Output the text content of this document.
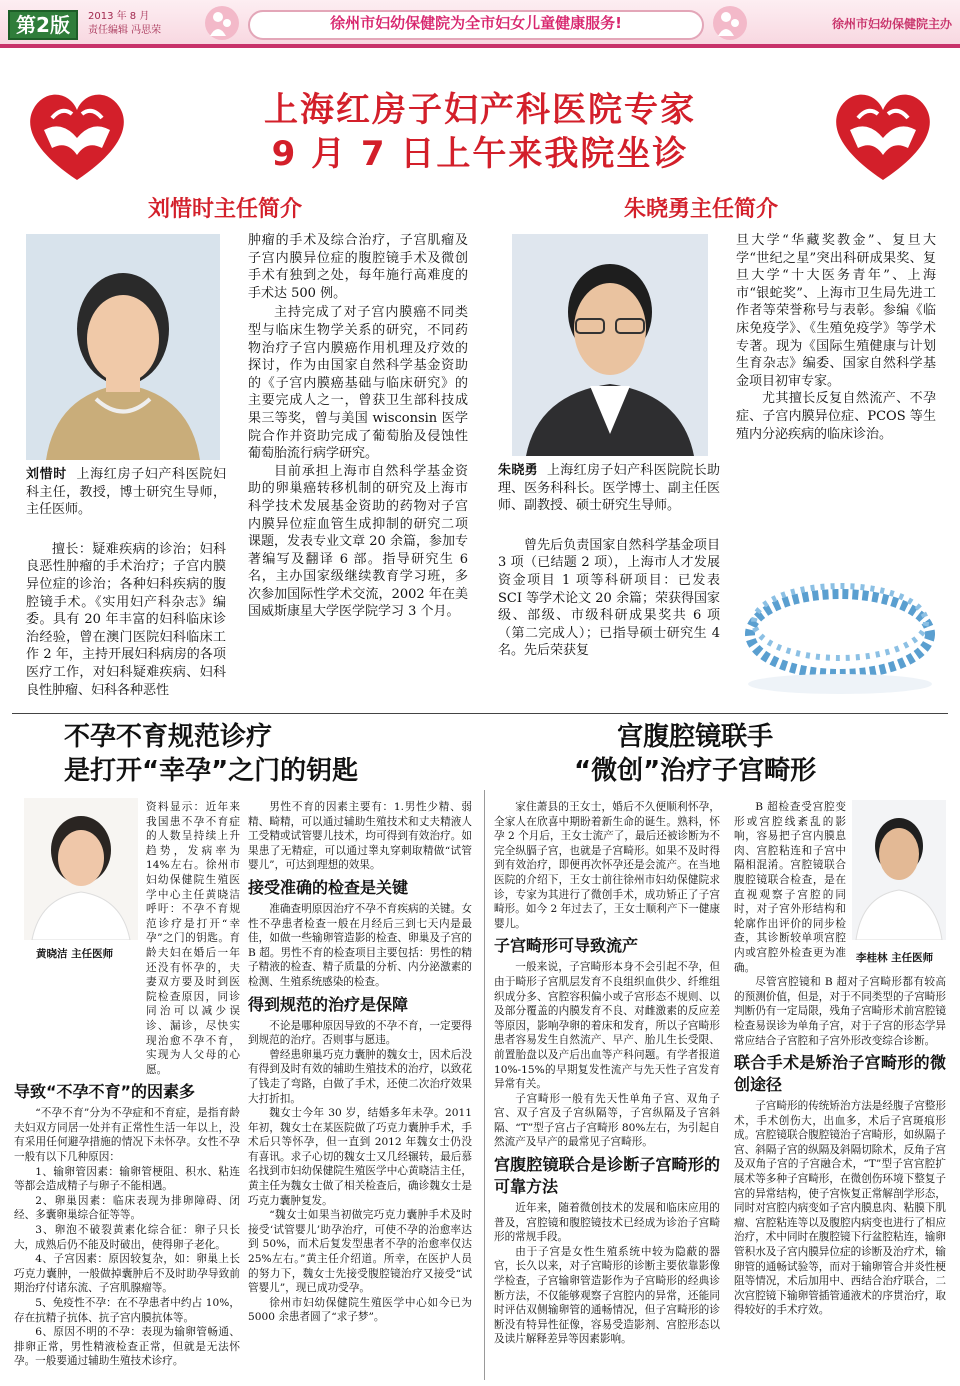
第2版	2013 年 8 月
责任编辑 冯思荣	徐州市妇幼保健院为全市妇女儿童健康服务!	徐州市妇幼保健院主办
上海红房子妇产科医院专家
9 月 7 日上午来我院坐诊
刘惜时主任简介

刘惜时 上海红房子妇产科医院妇科主任，教授，博士研究生导师，主任医师。

擅长：疑难疾病的诊治；妇科良恶性肿瘤的手术治疗；子宫内膜异位症的诊治；各种妇科疾病的腹腔镜手术。《实用妇产科杂志》编委。具有 20 年丰富的妇科临床诊治经验，曾在澳门医院妇科临床工作 2 年，主持开展妇科病房的各项医疗工作，对妇科疑难疾病、妇科良性肿瘤、妇科各种恶性

肿瘤的手术及综合治疗，子宫肌瘤及子宫内膜异位症的腹腔镜手术及微创手术有独到之处，每年施行高难度的手术达 500 例。

主持完成了对子宫内膜癌不同类型与临床生物学关系的研究，不同药物治疗子宫内膜癌作用机理及疗效的探讨，作为由国家自然科学基金资助的《子宫内膜癌基础与临床研究》的主要完成人之一，曾获卫生部科技成果三等奖，曾与美国 wisconsin 医学院合作并资助完成了葡萄胎及侵蚀性葡萄胎流行病学研究。

目前承担上海市自然科学基金资助的卵巢癌转移机制的研究及上海市科学技术发展基金资助的药物对子宫内膜异位症血管生成抑制的研究二项课题，发表专业文章 20 余篇，参加专著编写及翻译 6 部。指导研究生 6 名，主办国家级继续教育学习班，多次参加国际性学术交流，2002 年在美国威斯康星大学医学院学习 3 个月。

朱晓勇主任简介

朱晓勇 上海红房子妇产科医院院长助理、医务科科长。医学博士、副主任医师、副教授、硕士研究生导师。

曾先后负责国家自然科学基金项目 3 项（已结题 2 项），上海市人才发展资金项目 1 项等科研项目：已发表 SCI 等学术论文 20 余篇；荣获得国家级、部级、市级科研成果奖共 6 项（第二完成人）；已指导硕士研究生 4 名。先后荣获复

旦大学“华藏奖教金”、复旦大学“世纪之星”突出科研成果奖、复旦大学“十大医务青年”、上海市“银蛇奖”、上海市卫生局先进工作者等荣誉称号与表彰。参编《临床免疫学》、《生殖免疫学》等学术专著。现为《国际生殖健康与计划生育杂志》编委、国家自然科学基金项目初审专家。

尤其擅长反复自然流产、不孕症、子宫内膜异位症、PCOS 等生殖内分泌疾病的临床诊治。

不孕不育规范诊疗
是打开“幸孕”之门的钥匙
黄晓洁 主任医师

资料显示：近年来我国患不孕不育症的人数呈持续上升趋势，发病率为 14%左右。徐州市妇幼保健院生殖医学中心主任黄晓洁呼吁：不孕不育规范诊疗是打开“幸孕”之门的钥匙。育龄夫妇在婚后一年还没有怀孕的，夫妻双方要及时到医院检查原因，同诊同治可以减少误诊、漏诊，尽快实现治愈不孕不育，实现为人父母的心愿。

导致“不孕不育”的因素多

“不孕不育”分为不孕症和不育症，是指育龄夫妇双方同居一处并有正常性生活一年以上，没有采用任何避孕措施的情况下未怀孕。女性不孕一般有以下几种原因：

1、输卵管因素：输卵管梗阻、积水、粘连等都会造成精子与卵子不能相遇。

2、卵巢因素：临床表现为排卵障碍、闭经、多囊卵巢综合征等等。

3、卵泡不破裂黄素化综合征：卵子只长大，成熟后仍不能及时破出，使得卵子老化。

4、子宫因素：原因较复杂，如：卵巢上长巧克力囊肿，一般做掉囊肿后不及时助孕导致前期治疗付诸东流、子宫肌腺瘤等。

5、免疫性不孕：在不孕患者中约占 10%，存在抗精子抗体、抗子宫内膜抗体等。

6、原因不明的不孕：表现为输卵管畅通、排卵正常，男性精液检查正常，但就是无法怀孕。一般要通过辅助生殖技术诊疗。

男性不育的因素主要有：1.男性少精、弱精、畸精，可以通过辅助生殖技术和丈夫精液人工受精或试管婴儿技术，均可得到有效治疗。如果患了无精症，可以通过睾丸穿刺取精做“试管婴儿”，可达到理想的效果。

接受准确的检查是关键

准确查明原因治疗不孕不育疾病的关键。女性不孕患者检查一般在月经后三到七天内是最佳，如做一些输卵管造影的检查、卵巢及子宫的 B 超。男性不育的检查项目主要包括：男性的精子精液的检查、精子质量的分析、内分泌激素的检测、生殖系统感染的检查。

得到规范的治疗是保障

不论是哪种原因导致的不孕不育，一定要得到规范的治疗。否则事与愿违。

曾经患卵巢巧克力囊肿的魏女士，因术后没有得到及时有效的辅助生殖技术的治疗，以致花了钱走了弯路，白做了手术，还使二次治疗效果大打折扣。

魏女士今年 30 岁，结婚多年未孕。2011 年初，魏女士在某医院做了巧克力囊肿手术，手术后只等怀孕，但一直到 2012 年魏女士仍没有喜讯。求子心切的魏女士又几经辗转，最后慕名找到市妇幼保健院生殖医学中心黄晓洁主任，黄主任为魏女士做了相关检查后，确诊魏女士是巧克力囊肿复发。

“魏女士如果当初做完巧克力囊肿手术及时接受‘试管婴儿’助孕治疗，可使不孕的治愈率达到 50%，而术后复发型患者不孕的治愈率仅达 25%左右。”黄主任介绍道。所幸，在医护人员的努力下，魏女士先接受腹腔镜治疗又接受“试管婴儿”，现已成功受孕。

徐州市妇幼保健院生殖医学中心如今已为 5000 余患者圆了“求子梦”。

宫腹腔镜联手
“微创”治疗子宫畸形
李桂林 主任医师

家住萧县的王女士，婚后不久便顺利怀孕，全家人在欣喜中期盼着新生命的诞生。熟料，怀孕 2 个月后，王女士流产了，最后还被诊断为不完全纵膈子宫，也就是子宫畸形。如果不及时得到有效治疗，即便再次怀孕还是会流产。在当地医院的介绍下，王女士前往徐州市妇幼保健院求诊，专家为其进行了微创手术，成功矫正了子宫畸形。如今 2 年过去了，王女士顺利产下一健康婴儿。

子宫畸形可导致流产

一般来说，子宫畸形本身不会引起不孕，但由于畸形子宫肌层发育不良组织血供少、纤维组织成分多、宫腔容积偏小或子宫形态不规则、以及部分覆盖的内膜发育不良、对雌激素的反应差等原因，影响孕卵的着床和发育，所以子宫畸形患者容易发生自然流产、早产、胎儿生长受限、前置胎盘以及产后出血等产科问题。有学者报道 10%-15%的早期复发性流产与先天性子宫发育异常有关。

子宫畸形一般有先天性单角子宫、双角子宫、双子宫及子宫纵隔等，子宫纵隔及子宫斜隔、“T”型子宫占子宫畸形 80%左右，为引起自然流产及早产的最常见子宫畸形。

宫腹腔镜联合是诊断子宫畸形的可靠方法

近年来，随着微创技术的发展和临床应用的普及，宫腔镜和腹腔镜技术已经成为诊治子宫畸形的常规手段。

由于子宫是女性生殖系统中较为隐蔽的器官，长久以来，对子宫畸形的诊断主要依靠影像学检查，子宫输卵管造影作为子宫畸形的经典诊断方法，不仅能够观察子宫腔内的异常，还能同时评估双侧输卵管的通畅情况，但子宫畸形的诊断没有特异性征像，容易受造影剂、宫腔形态以及读片解释差异等因素影响。

B 超检查受宫腔变形或宫腔线紊乱的影响，容易把子宫内膜息肉、宫腔粘连和子宫中隔相混淆。宫腔镜联合腹腔镜联合检查，是在直视观察子宫腔的同时，对子宫外形结构和轮廓作出评价的同步检查，其诊断较单项宫腔内或宫腔外检查更为准确。

尽管宫腔镜和 B 超对子宫畸形都有较高的预测价值，但是，对于不同类型的子宫畸形判断仍有一定局限，残角子宫畸形术前宫腔镜检查易误诊为单角子宫，对于子宫的形态学异常应结合子宫腔和子宫外形改变综合诊断。

联合手术是矫治子宫畸形的微创途径

子宫畸形的传统矫治方法是经腹子宫整形术，手术创伤大，出血多，术后子宫斑痕形成。宫腔镜联合腹腔镜治子宫畸形，如纵隔子宫、斜隔子宫的纵隔及斜隔切除术，反角子宫及双角子宫的子宫融合术，“T”型子宫宫腔扩展术等多种子宫畸形，在微创伤环境下整复子宫的异常结构，使子宫恢复正常解剖学形态，同时对宫腔内病变如子宫内膜息肉、粘膜下肌瘤、宫腔粘连等以及腹腔内病变也进行了相应治疗，术中同时在腹腔镜下行盆腔粘连，输卵管积水及子宫内膜异位症的诊断及治疗术，输卵管的通畅试验等，而对于输卵管合并炎性梗阻等情况，术后加用中、西结合治疗联合，二次宫腔镜下输卵管插管通液术的序贯治疗，取得较好的手术疗效。
